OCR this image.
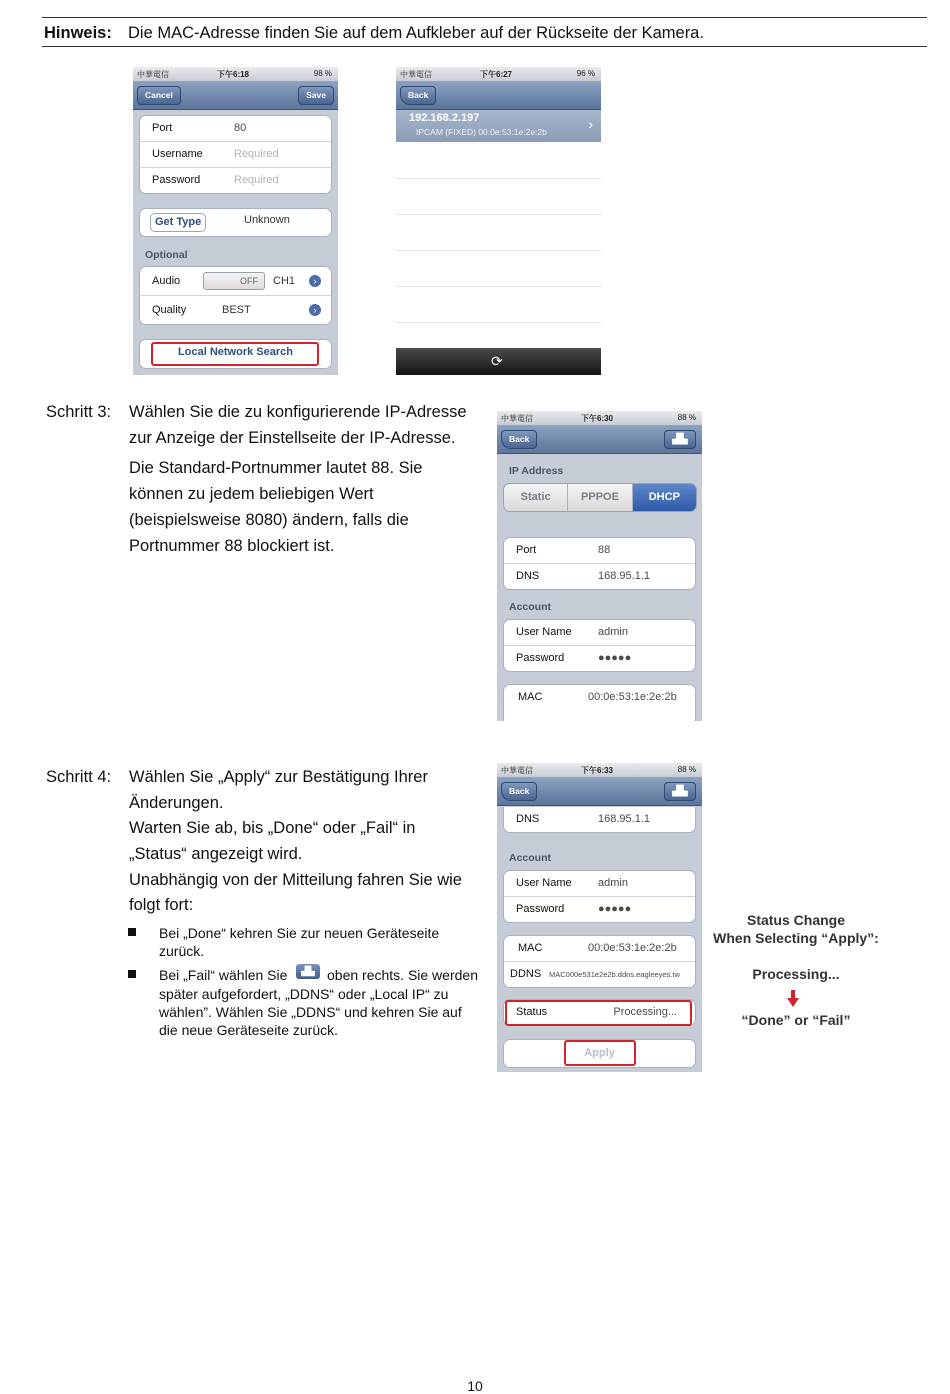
Hinweis: Die MAC-Adresse finden Sie auf dem Aufkleber auf der Rückseite der Kamera.
中華電信	下午6:18	98 %
Cancel	Save
Port	80
Username	Required
Password	Required
Get Type	Unknown
Optional
Audio	OFF	CH1	›
Quality	BEST	›
Local Network Search
中華電信	下午6:27	96 %
Back
192.168.2.197
IPCAM (FIXED) 00:0e:53:1e:2e:2b	›
⟳
Schritt 3: Wählen Sie die zu konfigurierende IP-Adresse
zur Anzeige der Einstellseite der IP-Adresse.
Die Standard-Portnummer lautet 88. Sie
können zu jedem beliebigen Wert
(beispielsweise 8080) ändern, falls die
Portnummer 88 blockiert ist.
中華電信	下午6:30	88 %
Back	▟▙
IP Address
Static	PPPOE	DHCP
Port	88
DNS	168.95.1.1
Account
User Name admin
Password	●●●●●
MAC	00:0e:53:1e:2e:2b
Schritt 4: Wählen Sie „Apply“ zur Bestätigung Ihrer
Änderungen.
Warten Sie ab, bis „Done“ oder „Fail“ in
„Status“ angezeigt wird.
Unabhängig von der Mitteilung fahren Sie wie
folgt fort:
Bei „Done“ kehren Sie zur neuen Geräteseite
zurück.
Bei „Fail“ wählen Sie	▟▙ oben rechts. Sie werden
später aufgefordert, „DDNS“ oder „Local IP“ zu
wählen”. Wählen Sie „DDNS“ und kehren Sie auf
die neue Geräteseite zurück.
中華電信	下午6:33	88 %
Back	▟▙
DNS	168.95.1.1
Account
User Name admin
Password	●●●●●
MAC	00:0e:53:1e:2e:2b
DDNS MAC000e531e2e2b.ddns.eagleeyes.tw
Status	Processing...
Apply
Status Change
When Selecting “Apply”:
Processing...
“Done” or “Fail”
10
